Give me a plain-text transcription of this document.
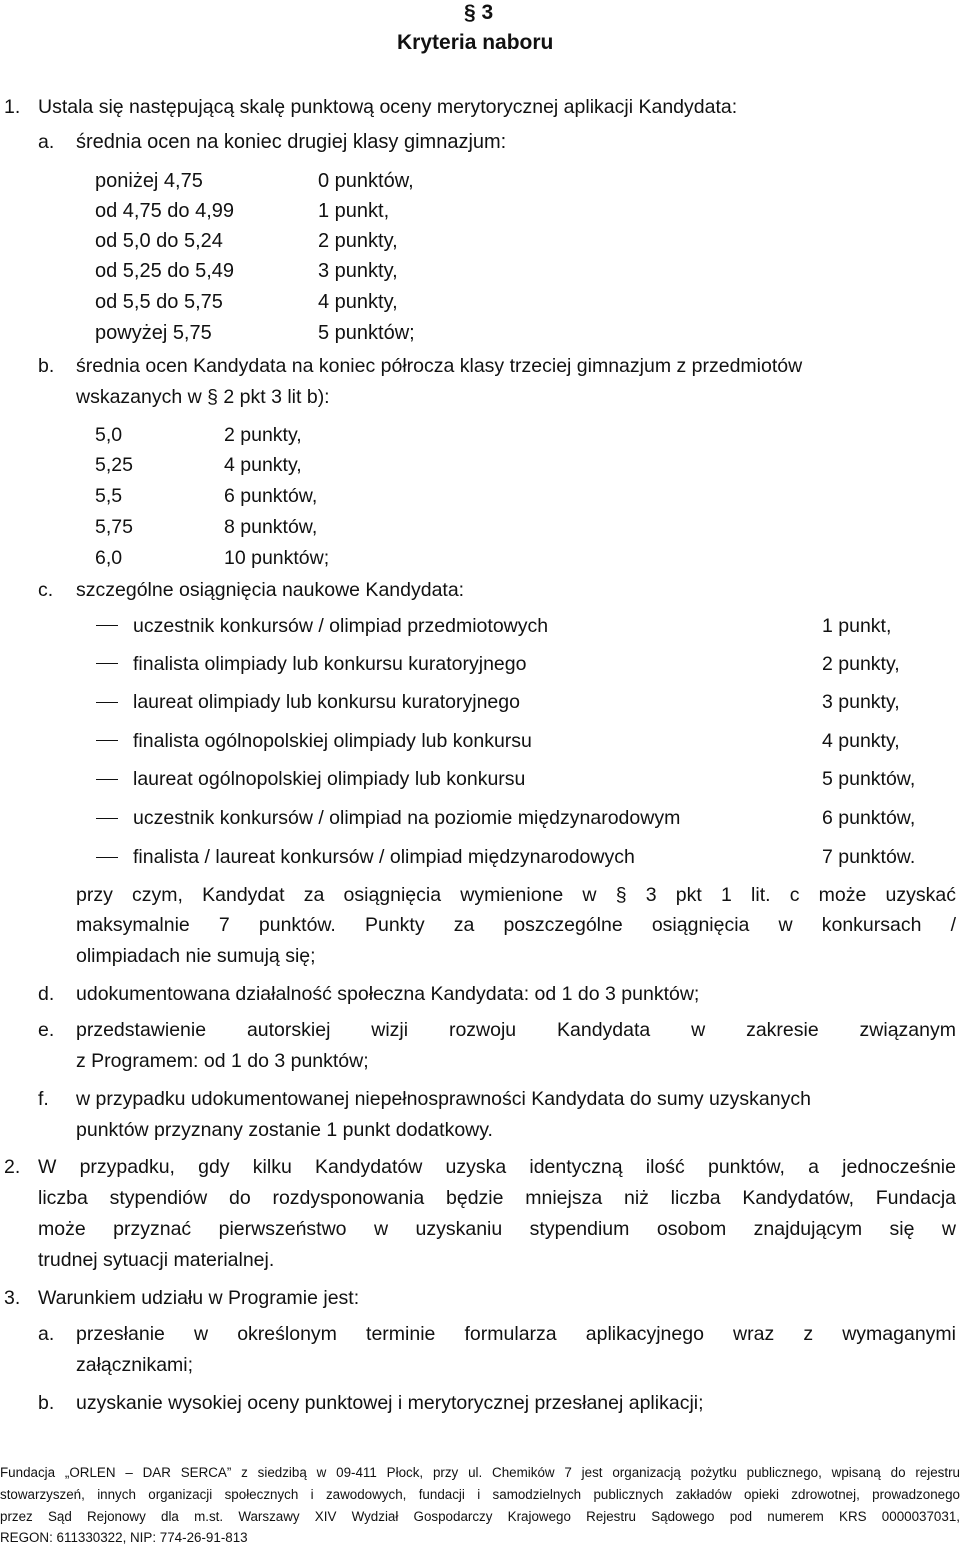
§ 3
Kryteria naboru
1. Ustala się następującą skalę punktową oceny merytorycznej aplikacji Kandydata:
a. średnia ocen na koniec drugiej klasy gimnazjum:
poniżej 4,75	0 punktów,
od 4,75 do 4,99	1 punkt,
od 5,0 do 5,24	2 punkty,
od 5,25 do 5,49	3 punkty,
od 5,5 do 5,75	4 punkty,
powyżej 5,75	5 punktów;
b. średnia ocen Kandydata na koniec półrocza klasy trzeciej gimnazjum z przedmiotów
wskazanych w § 2 pkt 3 lit b):
5,0	2 punkty,
5,25	4 punkty,
5,5	6 punktów,
5,75	8 punktów,
6,0	10 punktów;
c. szczególne osiągnięcia naukowe Kandydata:
uczestnik konkursów / olimpiad przedmiotowych	1 punkt,
finalista olimpiady lub konkursu kuratoryjnego	2 punkty,
laureat olimpiady lub konkursu kuratoryjnego	3 punkty,
finalista ogólnopolskiej olimpiady lub konkursu	4 punkty,
laureat ogólnopolskiej olimpiady lub konkursu	5 punktów,
uczestnik konkursów / olimpiad na poziomie międzynarodowym	6 punktów,
finalista / laureat konkursów / olimpiad międzynarodowych	7 punktów.
przy czym, Kandydat za osiągnięcia wymienione w § 3 pkt 1 lit. c może uzyskać
maksymalnie 7 punktów. Punkty za poszczególne osiągnięcia w konkursach /
olimpiadach nie sumują się;
d. udokumentowana działalność społeczna Kandydata: od 1 do 3 punktów;
e. przedstawienie autorskiej wizji rozwoju Kandydata w zakresie związanym
z Programem: od 1 do 3 punktów;
f. w przypadku udokumentowanej niepełnosprawności Kandydata do sumy uzyskanych
punktów przyznany zostanie 1 punkt dodatkowy.
2. W przypadku, gdy kilku Kandydatów uzyska identyczną ilość punktów, a jednocześnie
liczba stypendiów do rozdysponowania będzie mniejsza niż liczba Kandydatów, Fundacja
może przyznać pierwszeństwo w uzyskaniu stypendium osobom znajdującym się w
trudnej sytuacji materialnej.
3. Warunkiem udziału w Programie jest:
a. przesłanie w określonym terminie formularza aplikacyjnego wraz z wymaganymi
załącznikami;
b. uzyskanie wysokiej oceny punktowej i merytorycznej przesłanej aplikacji;
Fundacja „ORLEN – DAR SERCA” z siedzibą w 09-411 Płock, przy ul. Chemików 7 jest organizacją pożytku publicznego, wpisaną do rejestru
stowarzyszeń, innych organizacji społecznych i zawodowych, fundacji i samodzielnych publicznych zakładów opieki zdrowotnej, prowadzonego
przez Sąd Rejonowy dla m.st. Warszawy XIV Wydział Gospodarczy Krajowego Rejestru Sądowego pod numerem KRS 0000037031,
REGON: 611330322, NIP: 774-26-91-813
